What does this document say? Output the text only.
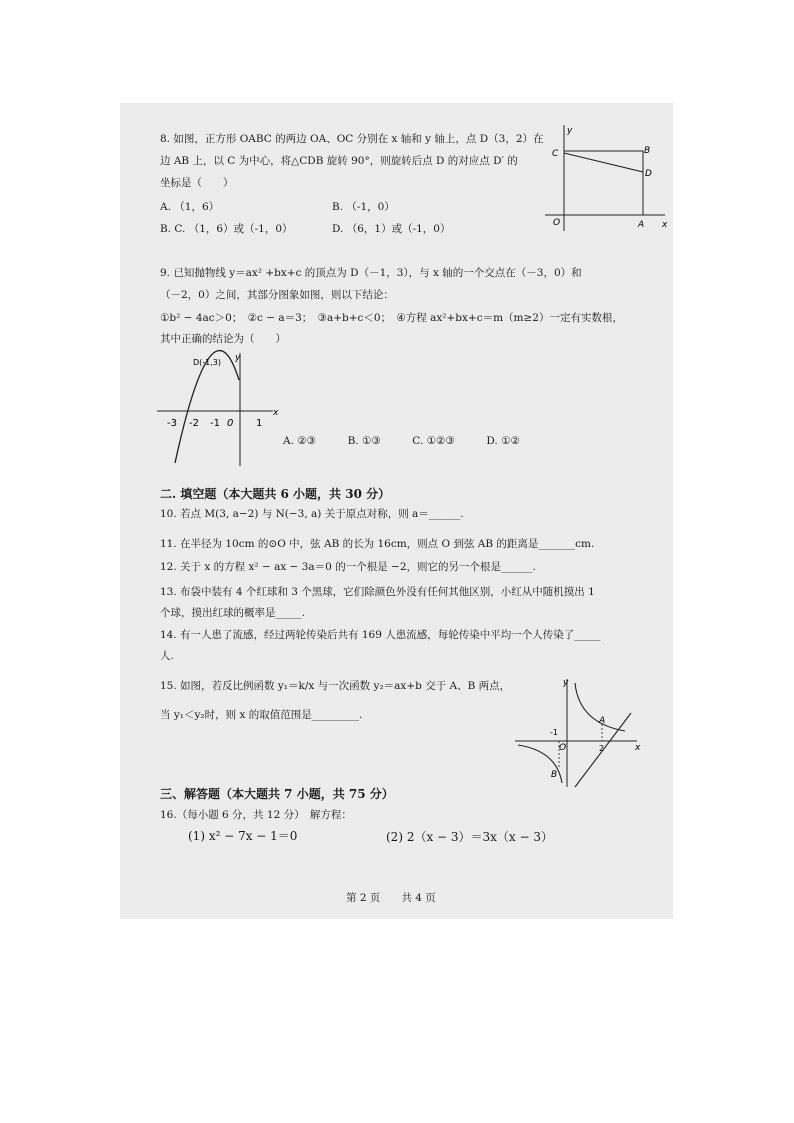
8. 如图，正方形 OABC 的两边 OA、OC 分别在 x 轴和 y 轴上，点 D（3，2）在
边 AB 上，以 C 为中心，将△CDB 旋转 90°，则旋转后点 D 的对应点 D′ 的
坐标是（　　）
A. （1，6）	B. （-1，0）
B. C. （1，6）或（-1，0）	D. （6，1）或（-1，0）
C	B
D
O	A x
y
9. 已知抛物线 y＝ax² +bx+c 的顶点为 D（－1，3），与 x 轴的一个交点在（－3，0）和
（－2，0）之间，其部分图象如图，则以下结论：
①b² − 4ac＞0；　②c − a＝3；　③a+b+c＜0；　④方程 ax²+bx+c＝m（m≥2）一定有实数根，
其中正确的结论为（　　）
D(-1,3) y
x
-3 -2 -1 0 1
A. ②③　　　B. ①③　　　C. ①②③　　　D. ①②
二. 填空题（本大题共 6 小题，共 30 分）
10. 若点 M(3, a−2) 与 N(−3, a) 关于原点对称，则 a＝______.
11. 在半径为 10cm 的⊙O 中，弦 AB 的长为 16cm，则点 O 到弦 AB 的距离是_______cm.
12. 关于 x 的方程 x² − ax − 3a＝0 的一个根是 −2，则它的另一个根是______.
13. 布袋中装有 4 个红球和 3 个黑球，它们除颜色外没有任何其他区别，小红从中随机摸出 1
个球，摸出红球的概率是_____.
14. 有一人患了流感，经过两轮传染后共有 169 人患流感，每轮传染中平均一个人传染了_____
人.
15. 如图，若反比例函数 y₁＝k/x 与一次函数 y₂＝ax+b 交于 A、B 两点，
当 y₁＜y₂时，则 x 的取值范围是_________.
y
x
-1
O
A
2
B
三、解答题（本大题共 7 小题，共 75 分）
16.（每小题 6 分，共 12 分）　解方程：
(1) x² − 7x − 1＝0	(2) 2（x − 3）＝3x（x − 3）
第 2 页　　共 4 页
